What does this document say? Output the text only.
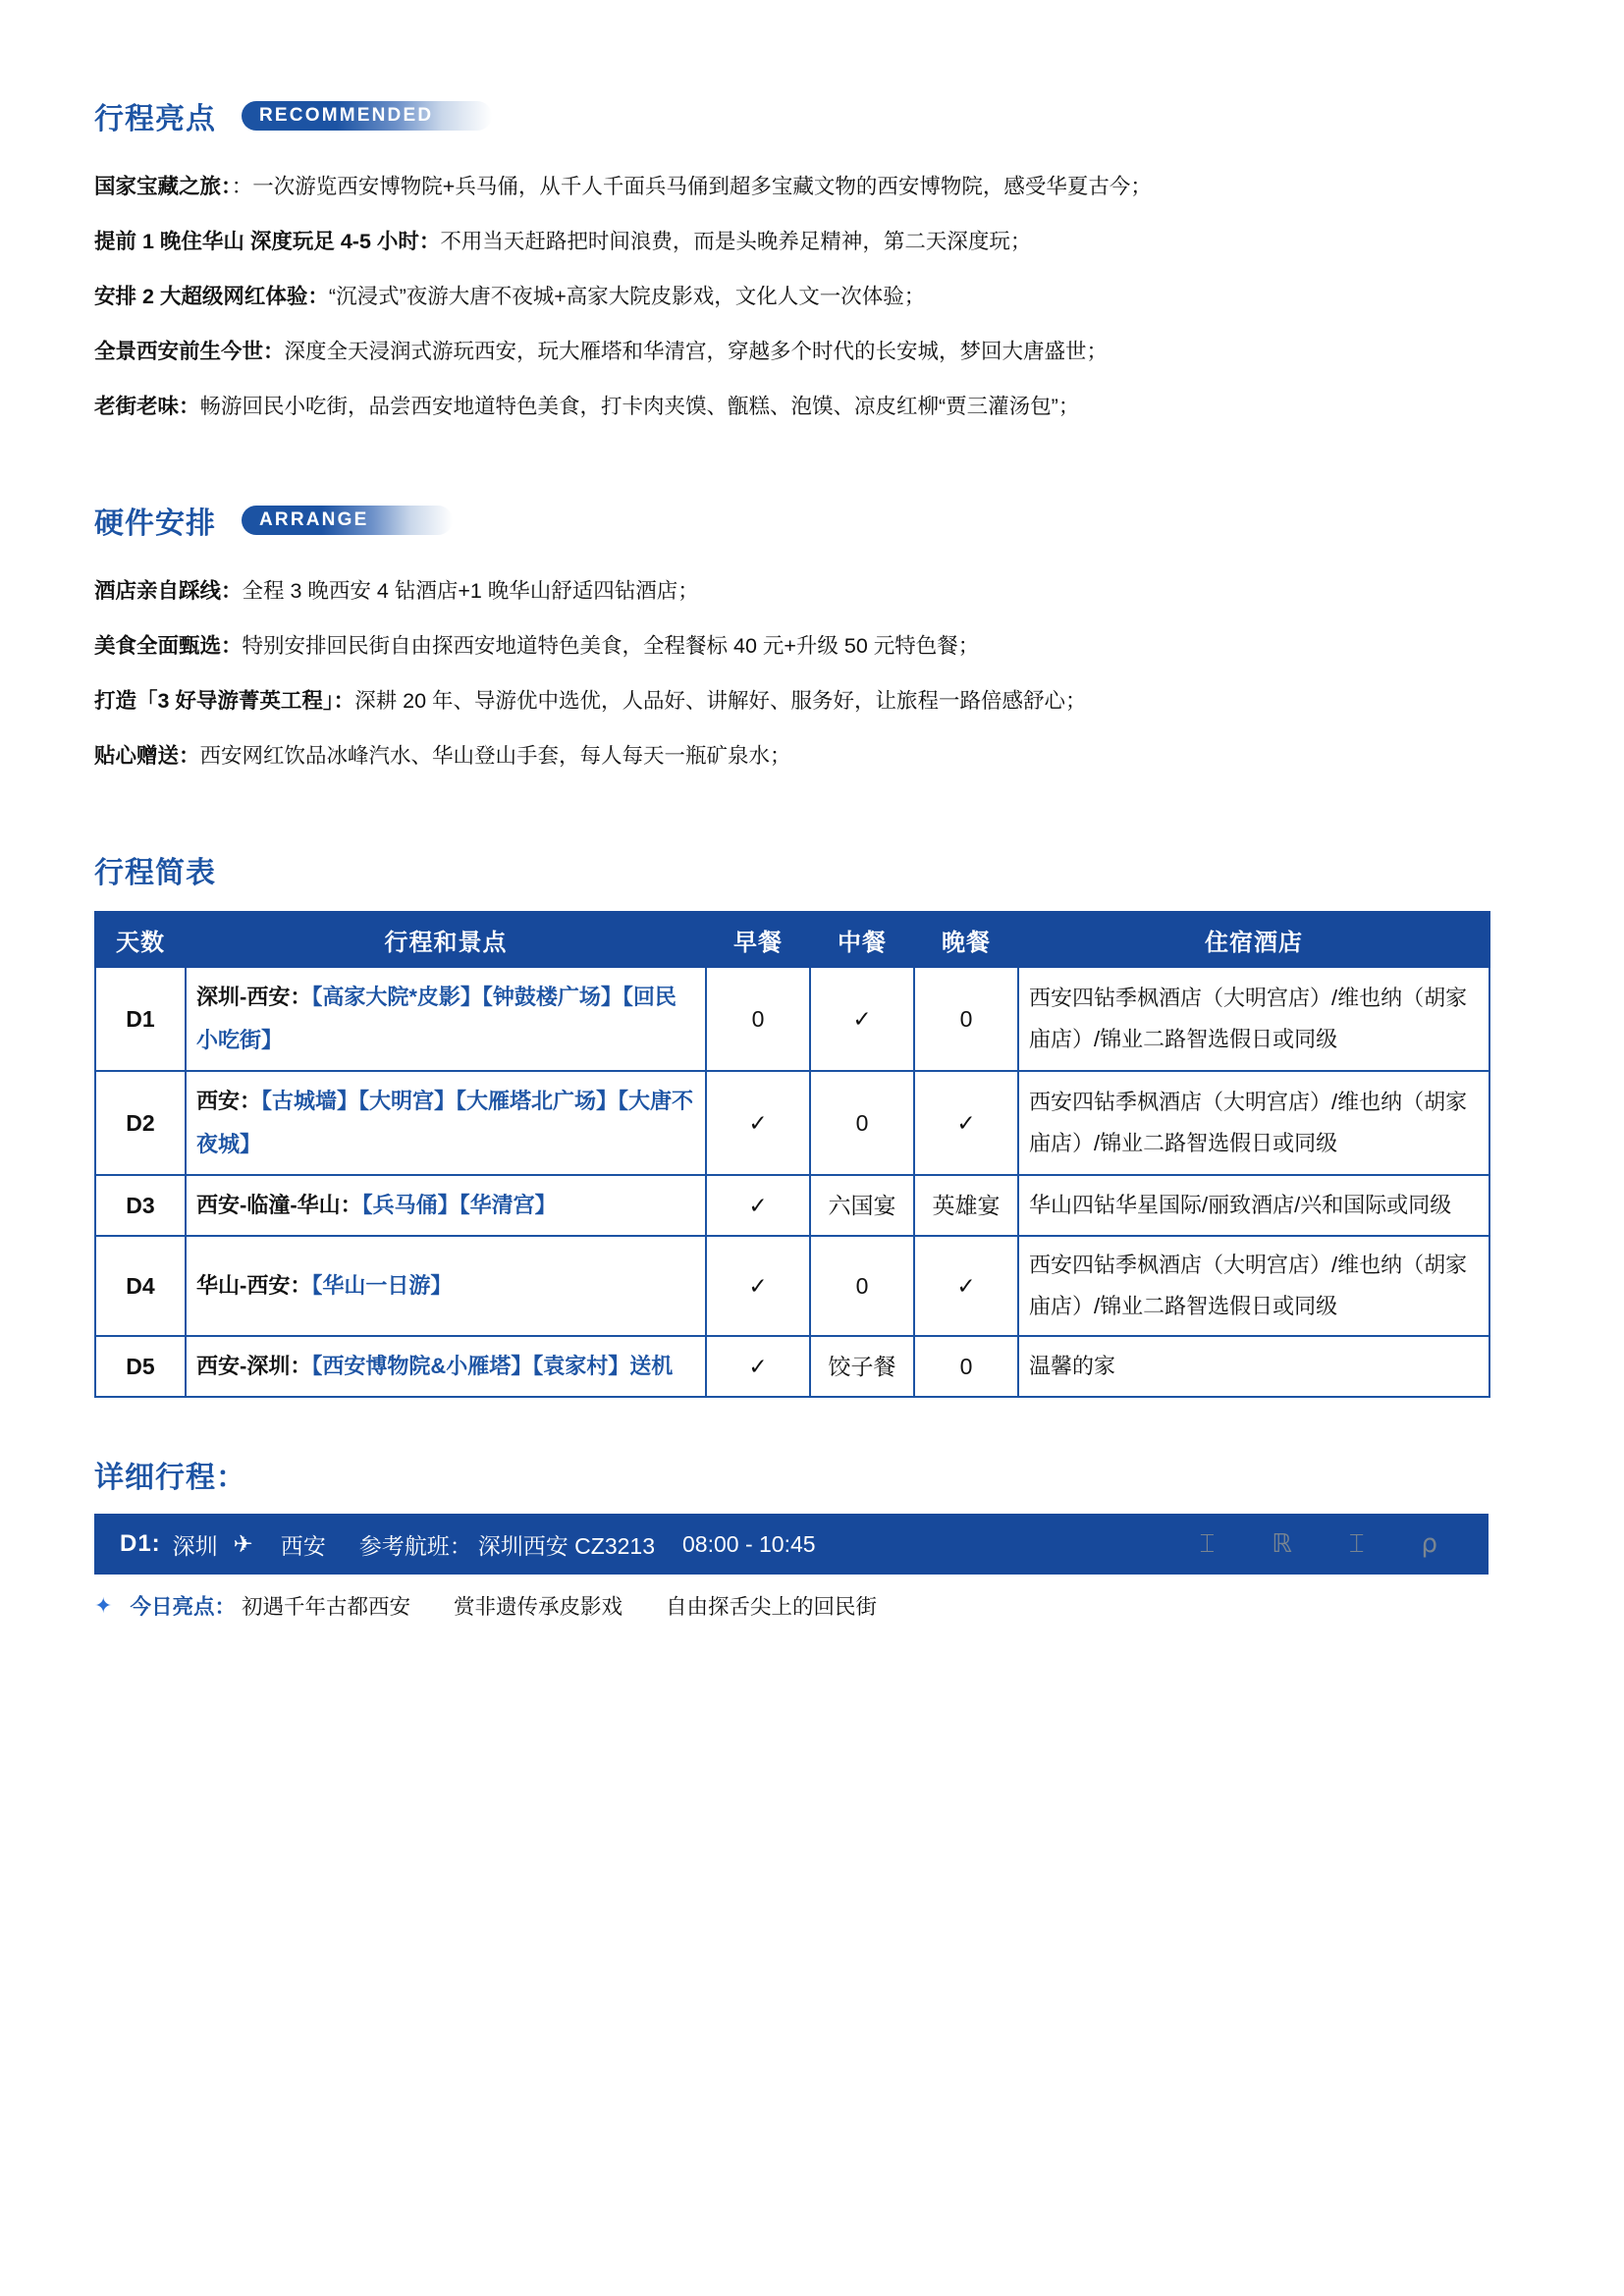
行程亮点 RECOMMENDED
国家宝藏之旅：：一次游览西安博物院+兵马俑，从千人千面兵马俑到超多宝藏文物的西安博物院，感受华夏古今；
提前 1 晚住华山 深度玩足 4-5 小时：不用当天赶路把时间浪费，而是头晚养足精神，第二天深度玩；
安排 2 大超级网红体验：“沉浸式”夜游大唐不夜城+高家大院皮影戏，文化人文一次体验；
全景西安前生今世：深度全天浸润式游玩西安，玩大雁塔和华清宫，穿越多个时代的长安城，梦回大唐盛世；
老街老味：畅游回民小吃街，品尝西安地道特色美食，打卡肉夹馍、甑糕、泡馍、凉皮红柳“贾三灌汤包”；
硬件安排 ARRANGE
酒店亲自踩线：全程 3 晚西安 4 钻酒店+1 晚华山舒适四钻酒店；
美食全面甄选：特别安排回民街自由探西安地道特色美食，全程餐标 40 元+升级 50 元特色餐；
打造「3 好导游菁英工程」：深耕 20 年、导游优中选优，人品好、讲解好、服务好，让旅程一路倍感舒心；
贴心赠送：西安网红饮品冰峰汽水、华山登山手套，每人每天一瓶矿泉水；
行程简表
天数	行程和景点	早餐	中餐	晚餐	住宿酒店
D1	深圳-西安：【高家大院*皮影】【钟鼓楼广场】【回民小吃街】	0	✓	0	西安四钻季枫酒店（大明宫店）/维也纳（胡家庙店）/锦业二路智选假日或同级
D2	西安：【古城墙】【大明宫】【大雁塔北广场】【大唐不夜城】	✓	0	✓	西安四钻季枫酒店（大明宫店）/维也纳（胡家庙店）/锦业二路智选假日或同级
D3	西安-临潼-华山：【兵马俑】【华清宫】	✓	六国宴	英雄宴	华山四钻华星国际/丽致酒店/兴和国际或同级
D4	华山-西安：【华山一日游】	✓	0	✓	西安四钻季枫酒店（大明宫店）/维也纳（胡家庙店）/锦业二路智选假日或同级
D5	西安-深圳：【西安博物院&小雁塔】【袁家村】送机	✓	饺子餐	0	温馨的家
详细行程：
D1: 深圳 ✈ 西安 参考航班： 深圳西安 CZ3213 08:00 - 10:45	⌶ ℝ ⌶ ⍴
✦ 今日亮点： 初遇千年古都西安 赏非遗传承皮影戏 自由探舌尖上的回民街
